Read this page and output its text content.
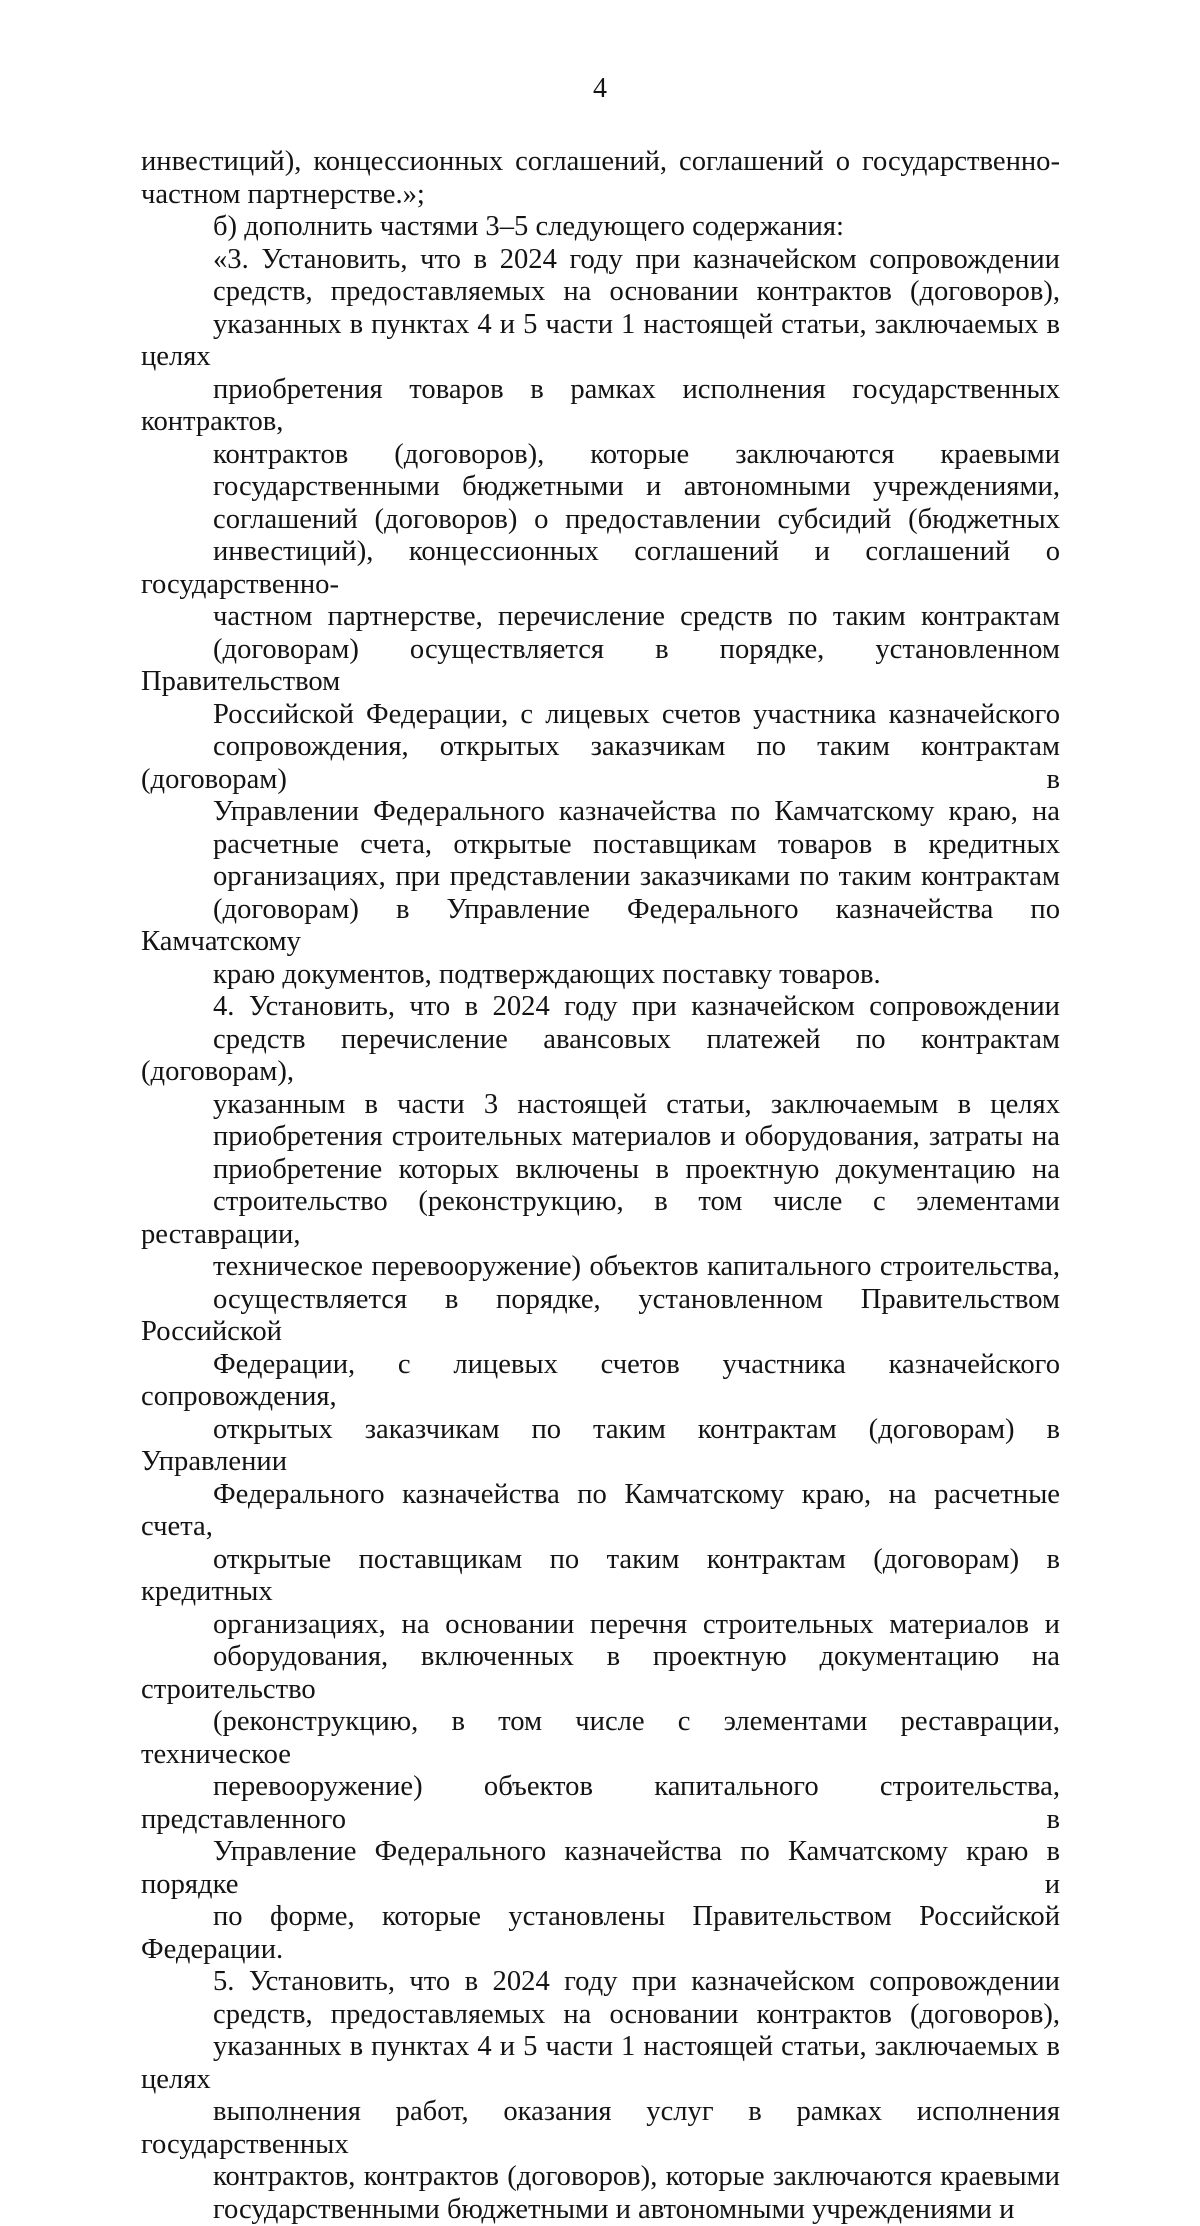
4

инвестиций), концессионных соглашений, соглашений о государственно-
частном партнерстве.»;

б) дополнить частями 3–5 следующего содержания:

«3. Установить, что в 2024 году при казначейском сопровождении
средств, предоставляемых на основании контрактов (договоров),
указанных в пунктах 4 и 5 части 1 настоящей статьи, заключаемых в целях
приобретения товаров в рамках исполнения государственных контрактов,
контрактов (договоров), которые заключаются краевыми
государственными бюджетными и автономными учреждениями,
соглашений (договоров) о предоставлении субсидий (бюджетных
инвестиций), концессионных соглашений и соглашений о государственно-
частном партнерстве, перечисление средств по таким контрактам
(договорам) осуществляется в порядке, установленном Правительством
Российской Федерации, с лицевых счетов участника казначейского
сопровождения, открытых заказчикам по таким контрактам (договорам) в
Управлении Федерального казначейства по Камчатскому краю, на
расчетные счета, открытые поставщикам товаров в кредитных
организациях, при представлении заказчиками по таким контрактам
(договорам) в Управление Федерального казначейства по Камчатскому
краю документов, подтверждающих поставку товаров.

4. Установить, что в 2024 году при казначейском сопровождении
средств перечисление авансовых платежей по контрактам (договорам),
указанным в части 3 настоящей статьи, заключаемым в целях
приобретения строительных материалов и оборудования, затраты на
приобретение которых включены в проектную документацию на
строительство (реконструкцию, в том числе с элементами реставрации,
техническое перевооружение) объектов капитального строительства,
осуществляется в порядке, установленном Правительством Российской
Федерации, с лицевых счетов участника казначейского сопровождения,
открытых заказчикам по таким контрактам (договорам) в Управлении
Федерального казначейства по Камчатскому краю, на расчетные счета,
открытые поставщикам по таким контрактам (договорам) в кредитных
организациях, на основании перечня строительных материалов и
оборудования, включенных в проектную документацию на строительство
(реконструкцию, в том числе с элементами реставрации, техническое
перевооружение) объектов капитального строительства, представленного в
Управление Федерального казначейства по Камчатскому краю в порядке и
по форме, которые установлены Правительством Российской Федерации.

5. Установить, что в 2024 году при казначейском сопровождении
средств, предоставляемых на основании контрактов (договоров),
указанных в пунктах 4 и 5 части 1 настоящей статьи, заключаемых в целях
выполнения работ, оказания услуг в рамках исполнения государственных
контрактов, контрактов (договоров), которые заключаются краевыми
государственными бюджетными и автономными учреждениями и
